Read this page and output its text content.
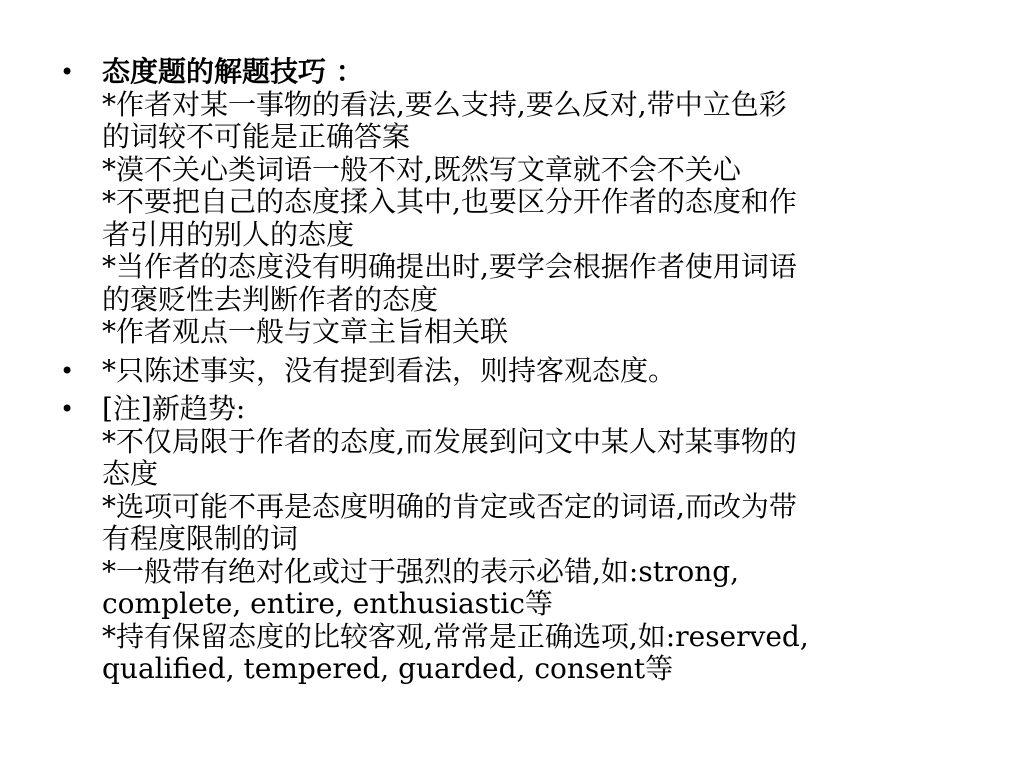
• 态度题的解题技巧 ：
*作者对某一事物的看法,要么支持,要么反对,带中立色彩
的词较不可能是正确答案
*漠不关心类词语一般不对,既然写文章就不会不关心
*不要把自己的态度揉入其中,也要区分开作者的态度和作
者引用的别人的态度
*当作者的态度没有明确提出时,要学会根据作者使用词语
的褒贬性去判断作者的态度
*作者观点一般与文章主旨相关联
• *只陈述事实，没有提到看法，则持客观态度。
• [注]新趋势:
*不仅局限于作者的态度,而发展到问文中某人对某事物的
态度
*选项可能不再是态度明确的肯定或否定的词语,而改为带
有程度限制的词
*一般带有绝对化或过于强烈的表示必错,如:strong,
complete, entire, enthusiastic等
*持有保留态度的比较客观,常常是正确选项,如:reserved,
qualified, tempered, guarded, consent等
